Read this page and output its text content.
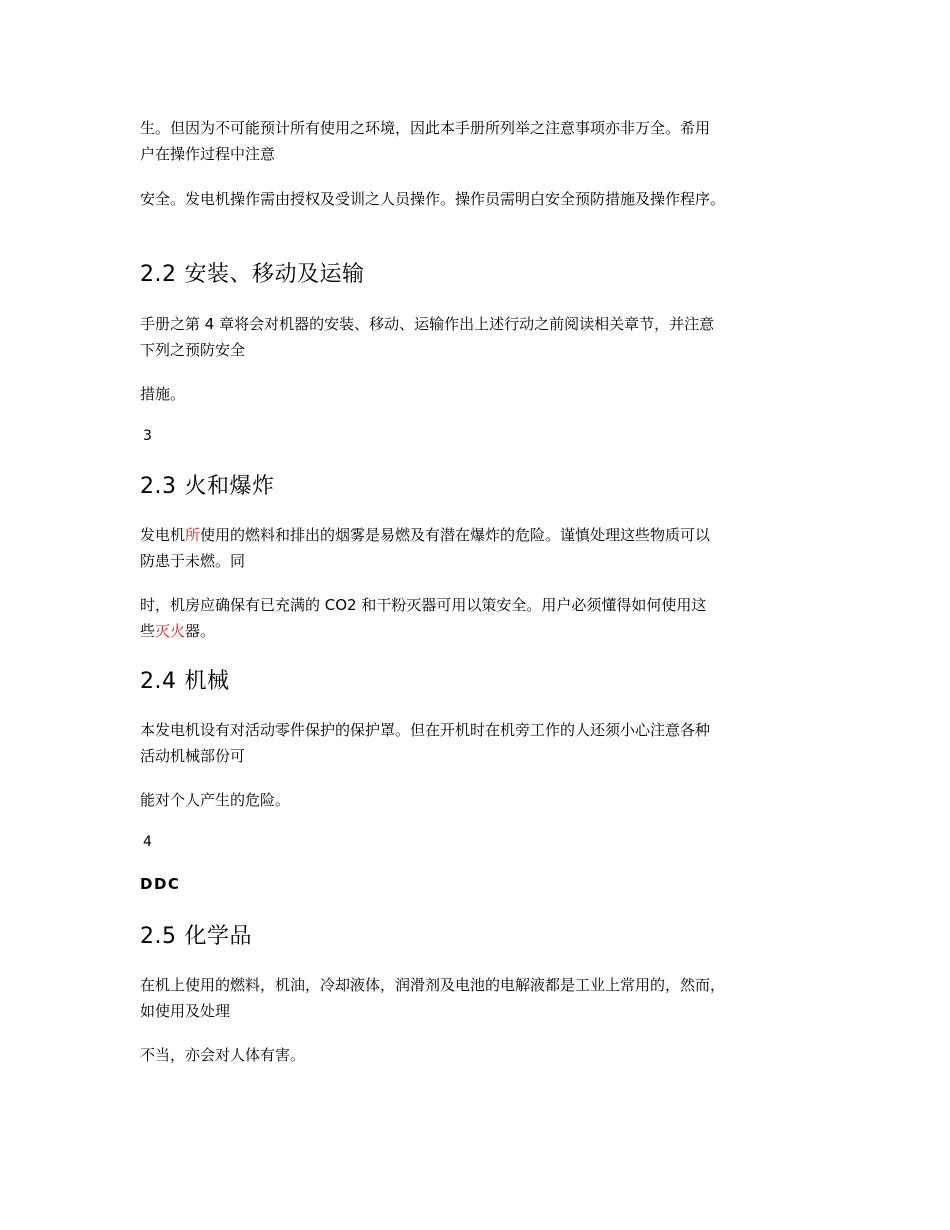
生。但因为不可能预计所有使用之环境，因此本手册所列举之注意事项亦非万全。希用

户在操作过程中注意

安全。发电机操作需由授权及受训之人员操作。操作员需明白安全预防措施及操作程序。

2.2 安装、移动及运输

手册之第 4 章将会对机器的安装、移动、运输作出上述行动之前阅读相关章节，并注意

下列之预防安全

措施。

3

2.3 火和爆炸

发电机所使用的燃料和排出的烟雾是易燃及有潜在爆炸的危险。谨慎处理这些物质可以

防患于未燃。同

时，机房应确保有已充满的 CO2 和干粉灭器可用以策安全。用户必须懂得如何使用这

些灭火器。

2.4 机械

本发电机设有对活动零件保护的保护罩。但在开机时在机旁工作的人还须小心注意各种

活动机械部份可

能对个人产生的危险。

4

DDC

2.5 化学品

在机上使用的燃料，机油，冷却液体，润滑剂及电池的电解液都是工业上常用的，然而，

如使用及处理

不当，亦会对人体有害。
